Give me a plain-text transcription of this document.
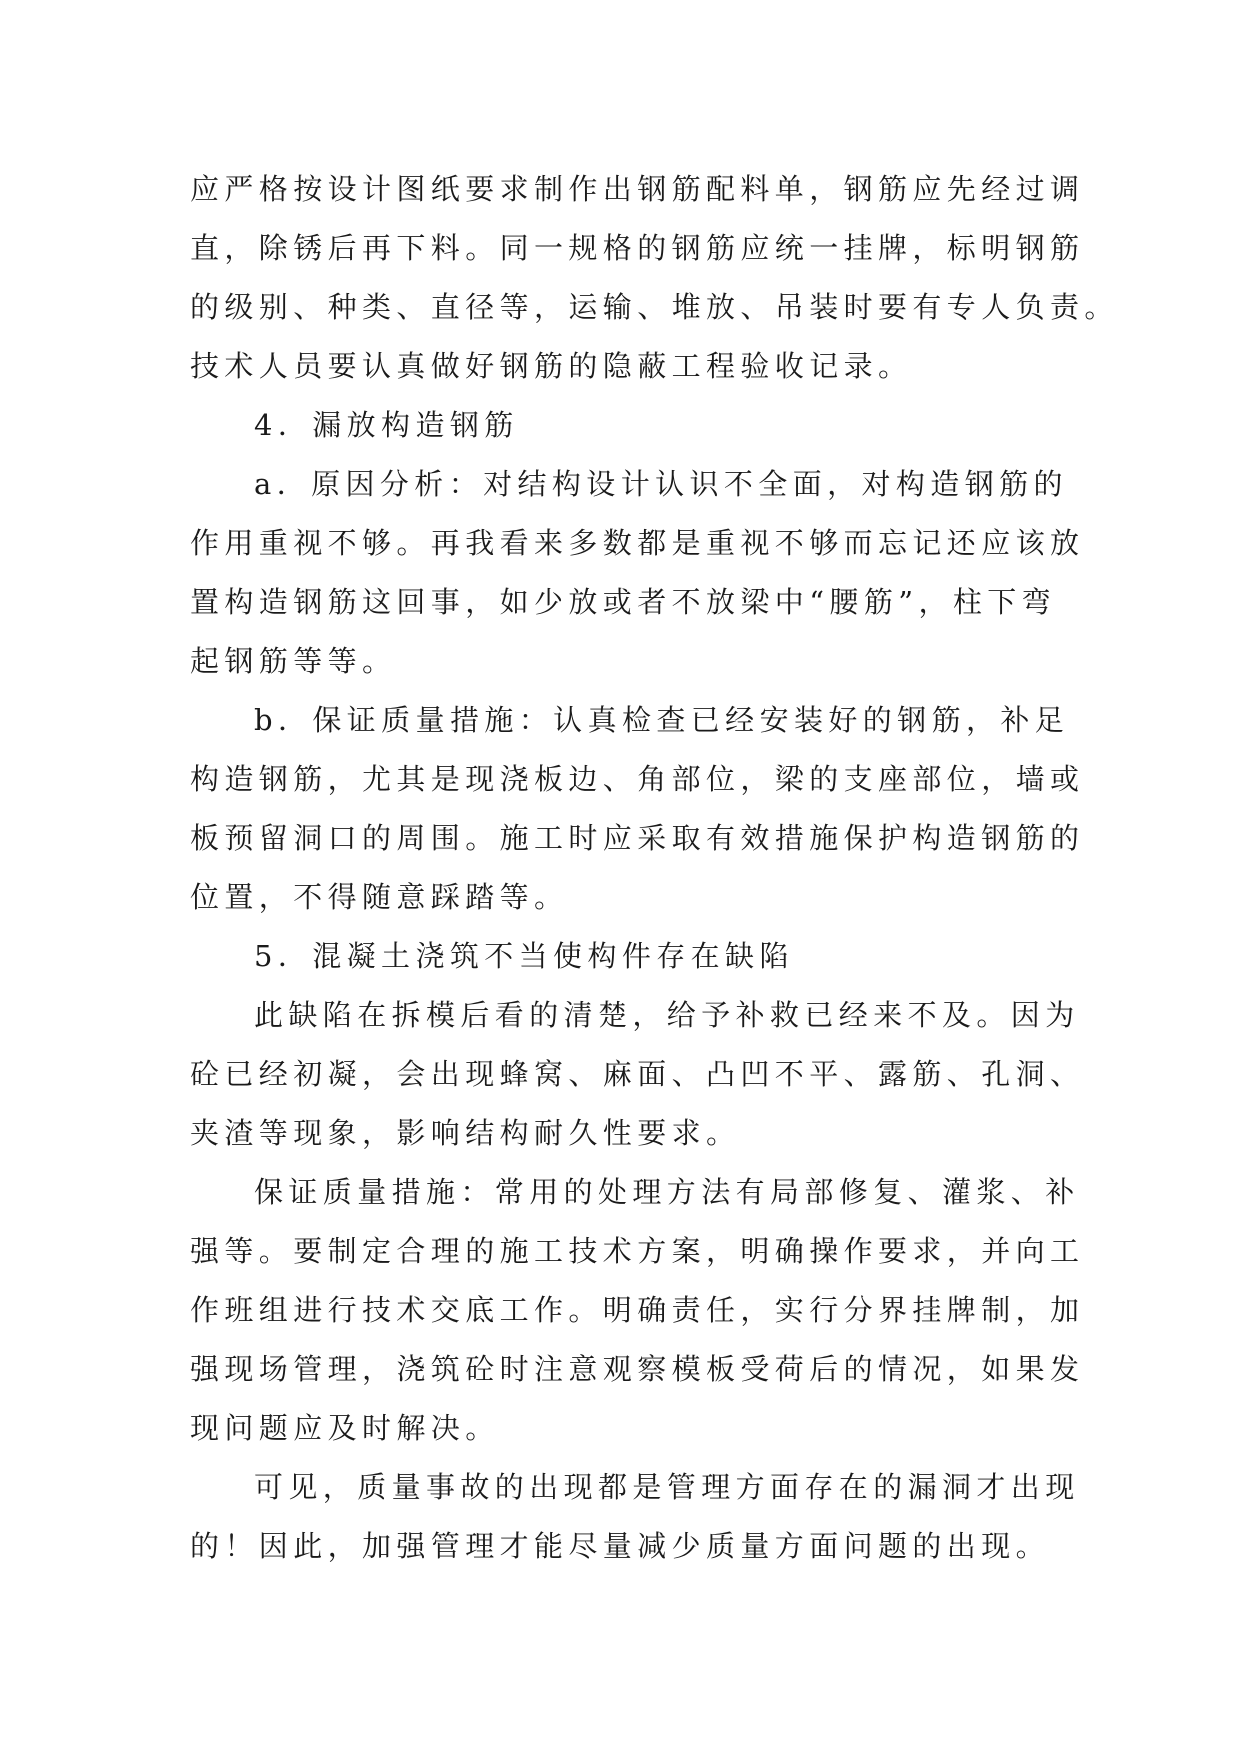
应严格按设计图纸要求制作出钢筋配料单，钢筋应先经过调
直，除锈后再下料。同一规格的钢筋应统一挂牌，标明钢筋
的级别、种类、直径等，运输、堆放、吊装时要有专人负责。
技术人员要认真做好钢筋的隐蔽工程验收记录。
4．漏放构造钢筋
a．原因分析：对结构设计认识不全面，对构造钢筋的
作用重视不够。再我看来多数都是重视不够而忘记还应该放
置构造钢筋这回事，如少放或者不放梁中“腰筋”，柱下弯
起钢筋等等。
b．保证质量措施：认真检查已经安装好的钢筋，补足
构造钢筋，尤其是现浇板边、角部位，梁的支座部位，墙或
板预留洞口的周围。施工时应采取有效措施保护构造钢筋的
位置，不得随意踩踏等。
5．混凝土浇筑不当使构件存在缺陷
此缺陷在拆模后看的清楚，给予补救已经来不及。因为
砼已经初凝，会出现蜂窝、麻面、凸凹不平、露筋、孔洞、
夹渣等现象，影响结构耐久性要求。
保证质量措施：常用的处理方法有局部修复、灌浆、补
强等。要制定合理的施工技术方案，明确操作要求，并向工
作班组进行技术交底工作。明确责任，实行分界挂牌制，加
强现场管理，浇筑砼时注意观察模板受荷后的情况，如果发
现问题应及时解决。
可见，质量事故的出现都是管理方面存在的漏洞才出现
的！因此，加强管理才能尽量减少质量方面问题的出现。
